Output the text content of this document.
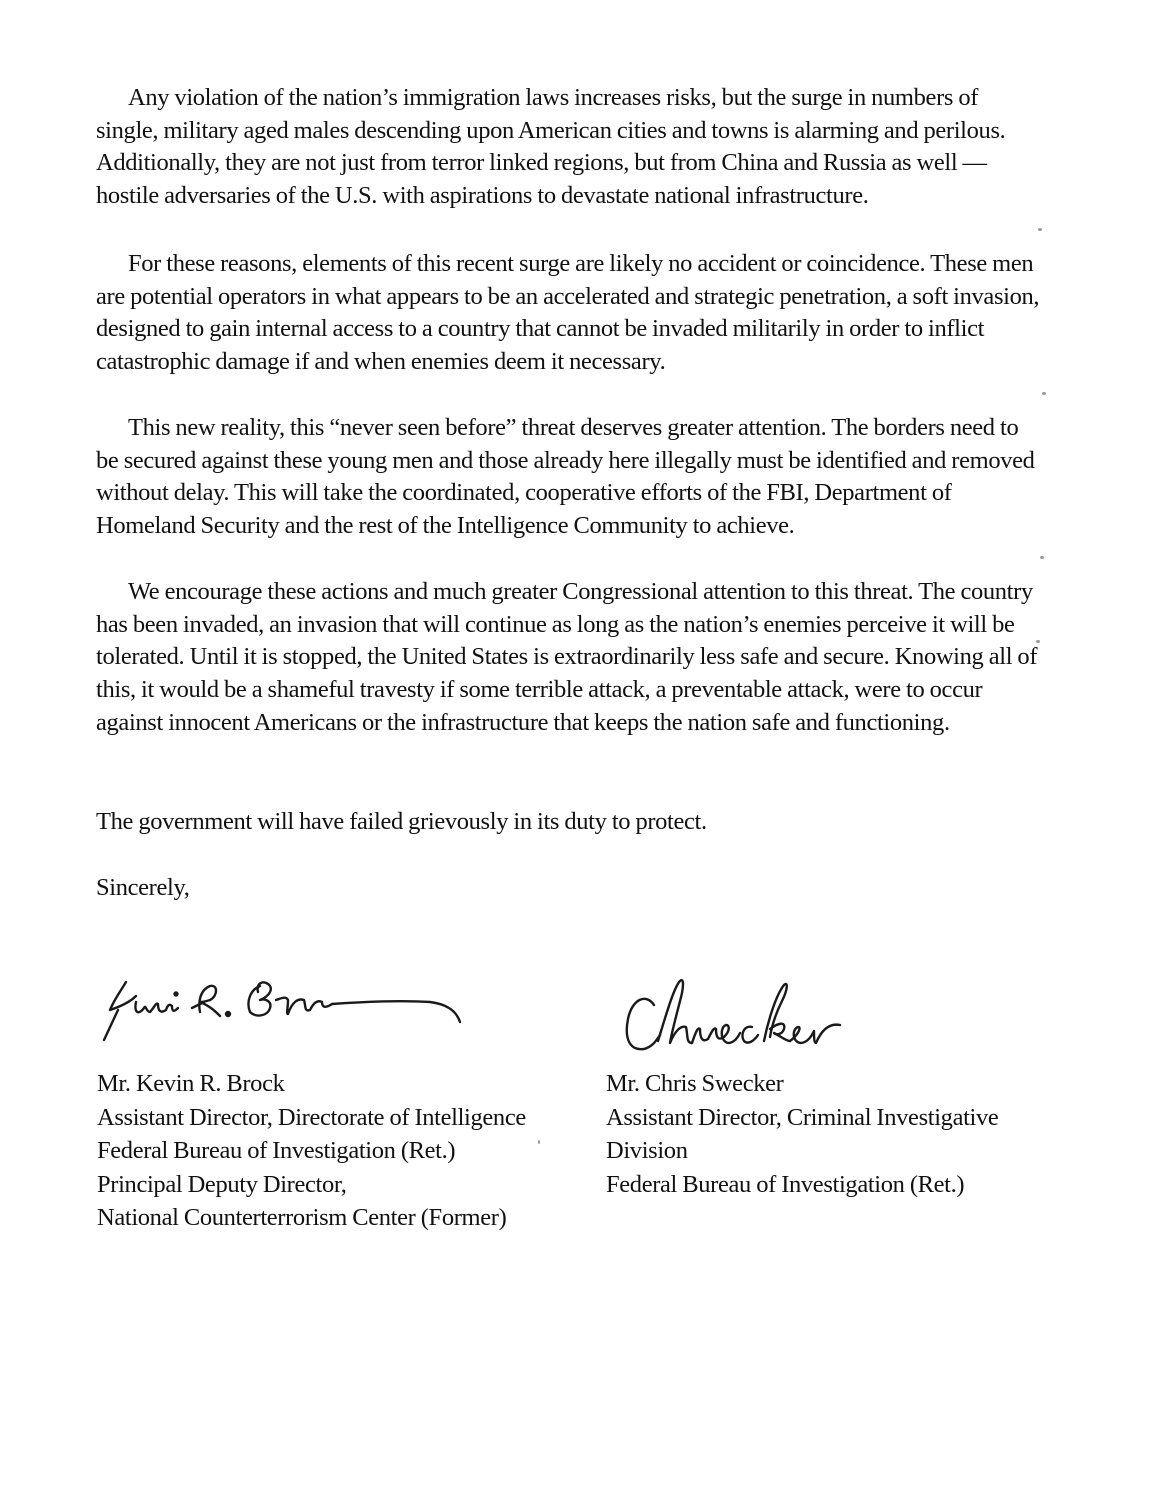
Any violation of the nation’s immigration laws increases risks, but the surge in numbers of single, military aged males descending upon American cities and towns is alarming and perilous. Additionally, they are not just from terror linked regions, but from China and Russia as well — hostile adversaries of the U.S. with aspirations to devastate national infrastructure.

For these reasons, elements of this recent surge are likely no accident or coincidence. These men are potential operators in what appears to be an accelerated and strategic penetration, a soft invasion, designed to gain internal access to a country that cannot be invaded militarily in order to inflict catastrophic damage if and when enemies deem it necessary.

This new reality, this “never seen before” threat deserves greater attention. The borders need to be secured against these young men and those already here illegally must be identified and removed without delay. This will take the coordinated, cooperative efforts of the FBI, Department of Homeland Security and the rest of the Intelligence Community to achieve.

We encourage these actions and much greater Congressional attention to this threat. The country has been invaded, an invasion that will continue as long as the nation’s enemies perceive it will be tolerated. Until it is stopped, the United States is extraordinarily less safe and secure. Knowing all of this, it would be a shameful travesty if some terrible attack, a preventable attack, were to occur against innocent Americans or the infrastructure that keeps the nation safe and functioning.

The government will have failed grievously in its duty to protect.

Sincerely,

Mr. Kevin R. Brock
Assistant Director, Directorate of Intelligence
Federal Bureau of Investigation (Ret.)
Principal Deputy Director,
National Counterterrorism Center (Former)
Mr. Chris Swecker
Assistant Director, Criminal Investigative
Division
Federal Bureau of Investigation (Ret.)
